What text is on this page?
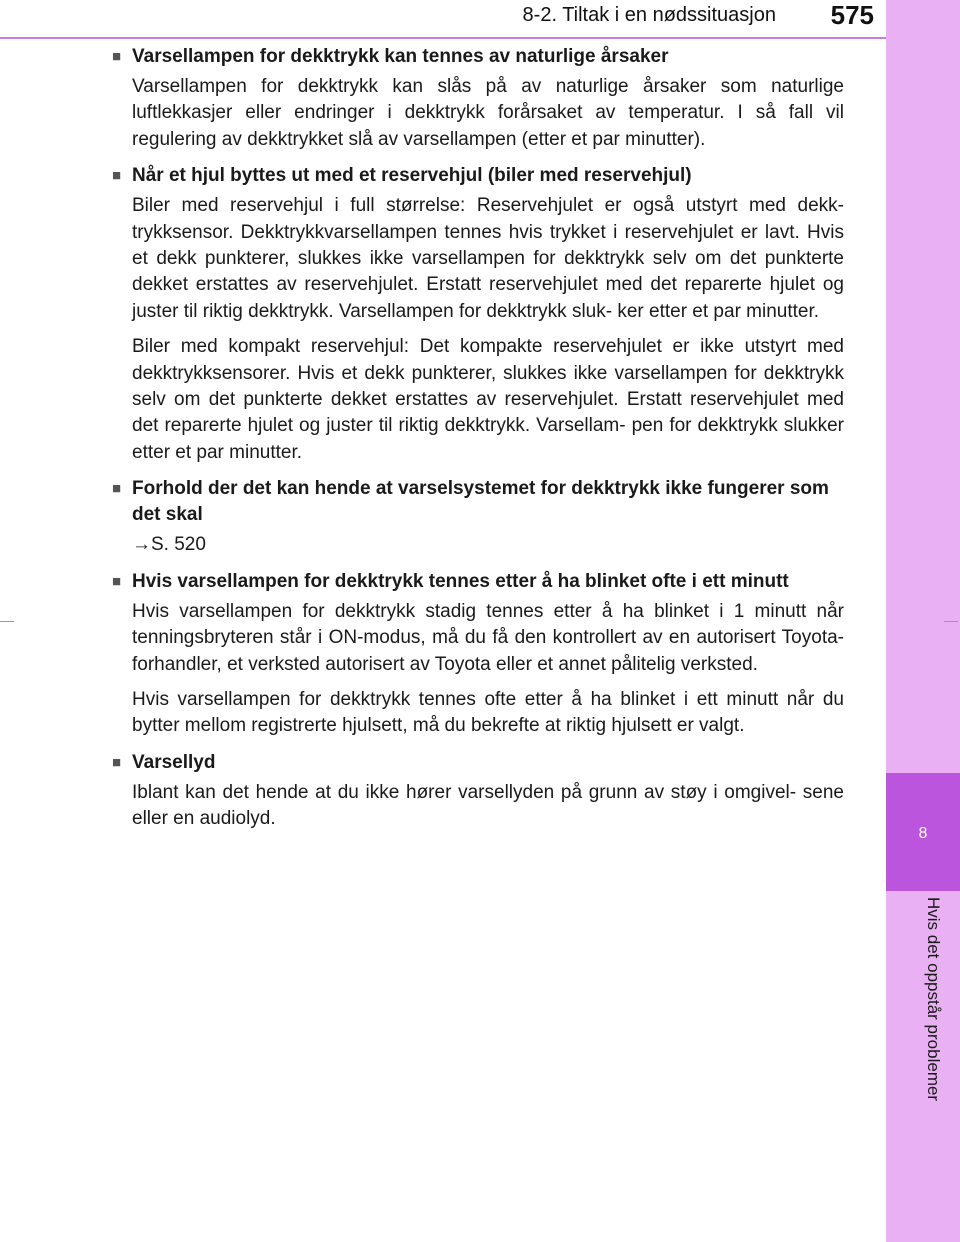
8-2. Tiltak i en nødssituasjon 575
8
Hvis det oppstår problemer
■ Varsellampen for dekktrykk kan tennes av naturlige årsaker

Varsellampen for dekktrykk kan slås på av naturlige årsaker som naturlige luftlekkasjer eller endringer i dekktrykk forårsaket av temperatur. I så fall vil regulering av dekktrykket slå av varsellampen (etter et par minutter).

■ Når et hjul byttes ut med et reservehjul (biler med reservehjul)

Biler med reservehjul i full størrelse: Reservehjulet er også utstyrt med dekk- trykksensor. Dekktrykkvarsellampen tennes hvis trykket i reservehjulet er lavt. Hvis et dekk punkterer, slukkes ikke varsellampen for dekktrykk selv om det punkterte dekket erstattes av reservehjulet. Erstatt reservehjulet med det reparerte hjulet og juster til riktig dekktrykk. Varsellampen for dekktrykk sluk- ker etter et par minutter.

Biler med kompakt reservehjul: Det kompakte reservehjulet er ikke utstyrt med dekktrykksensorer. Hvis et dekk punkterer, slukkes ikke varsellampen for dekktrykk selv om det punkterte dekket erstattes av reservehjulet. Erstatt reservehjulet med det reparerte hjulet og juster til riktig dekktrykk. Varsellam- pen for dekktrykk slukker etter et par minutter.

■ Forhold der det kan hende at varselsystemet for dekktrykk ikke fungerer som det skal

→S. 520

■ Hvis varsellampen for dekktrykk tennes etter å ha blinket ofte i ett minutt

Hvis varsellampen for dekktrykk stadig tennes etter å ha blinket i 1 minutt når tenningsbryteren står i ON-modus, må du få den kontrollert av en autorisert Toyota-forhandler, et verksted autorisert av Toyota eller et annet pålitelig verksted.

Hvis varsellampen for dekktrykk tennes ofte etter å ha blinket i ett minutt når du bytter mellom registrerte hjulsett, må du bekrefte at riktig hjulsett er valgt.

■ Varsellyd

Iblant kan det hende at du ikke hører varsellyden på grunn av støy i omgivel- sene eller en audiolyd.
